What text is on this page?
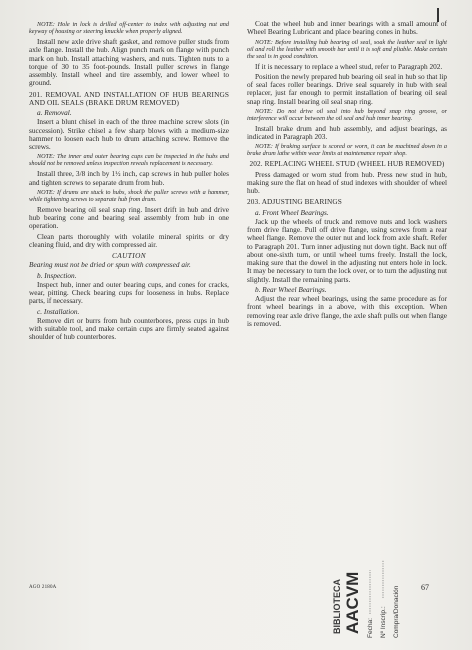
NOTE: Hole in lock is drilled off-center to index with adjusting nut and keyway of housing or steering knuckle when properly aligned.

Install new axle drive shaft gasket, and remove puller studs from axle flange. Install the hub. Align punch mark on flange with punch mark on hub. Install attaching washers, and nuts. Tighten nuts to a torque of 30 to 35 foot-pounds. Install puller screws in flange assembly. Install wheel and tire assembly, and lower wheel to ground.

201. REMOVAL AND INSTALLATION OF HUB BEARINGS AND OIL SEALS (BRAKE DRUM REMOVED)
a. Removal.

Insert a blunt chisel in each of the three machine screw slots (in succession). Strike chisel a few sharp blows with a medium-size hammer to loosen each hub to drum attaching screw. Remove the screws.

NOTE: The inner and outer bearing cups can be inspected in the hubs and should not be removed unless inspection reveals replacement is necessary.

Install three, 3/8 inch by 1½ inch, cap screws in hub puller holes and tighten screws to separate drum from hub.

NOTE: If drums are stuck to hubs, shock the puller screws with a hammer, while tightening screws to separate hub from drum.

Remove bearing oil seal snap ring. Insert drift in hub and drive hub bearing cone and bearing seal assembly from hub in one operation.

Clean parts thoroughly with volatile mineral spirits or dry cleaning fluid, and dry with compressed air.

CAUTION

Bearing must not be dried or spun with compressed air.

b. Inspection.

Inspect hub, inner and outer bearing cups, and cones for cracks, wear, pitting. Check bearing cups for looseness in hubs. Replace parts, if necessary.

c. Installation.

Remove dirt or burrs from hub counterbores, press cups in hub with suitable tool, and make certain cups are firmly seated against shoulder of hub counterbores.

Coat the wheel hub and inner bearings with a small amount of Wheel Bearing Lubricant and place bearing cones in hubs.

NOTE: Before installing hub bearing oil seal, soak the leather seal in light oil and roll the leather with smooth bar until it is soft and pliable. Make certain the seal is in good condition.

If it is necessary to replace a wheel stud, refer to Paragraph 202.

Position the newly prepared hub bearing oil seal in hub so that lip of seal faces roller bearings. Drive seal squarely in hub with seal replacer, just far enough to permit installation of bearing oil seal snap ring. Install bearing oil seal snap ring.

NOTE: Do not drive oil seal into hub beyond snap ring groove, or interference will occur between the oil seal and hub inner bearing.

Install brake drum and hub assembly, and adjust bearings, as indicated in Paragraph 203.

NOTE: If braking surface is scored or worn, it can be machined down in a brake drum lathe within wear limits at maintenance repair shop.

202. REPLACING WHEEL STUD (WHEEL HUB REMOVED)

Press damaged or worn stud from hub. Press new stud in hub, making sure the flat on head of stud indexes with shoulder of wheel hub.

203. ADJUSTING BEARINGS
a. Front Wheel Bearings.

Jack up the wheels of truck and remove nuts and lock washers from drive flange. Pull off drive flange, using screws from a rear wheel flange. Remove the outer nut and lock from axle shaft. Refer to Paragraph 201. Turn inner adjusting nut down tight. Back nut off about one-sixth turn, or until wheel turns freely. Install the lock, making sure that the dowel in the adjusting nut enters hole in lock. It may be necessary to turn the lock over, or to turn the adjusting nut slightly. Install the remaining parts.

b. Rear Wheel Bearings.

Adjust the rear wheel bearings, using the same procedure as for front wheel bearings in a above, with this exception. When removing rear axle drive flange, the axle shaft pulls out when flange is removed.

AGO 2180A	67
BIBLIOTECA AACVM Fecha: Nº Inscrip.: Compra/Donación
